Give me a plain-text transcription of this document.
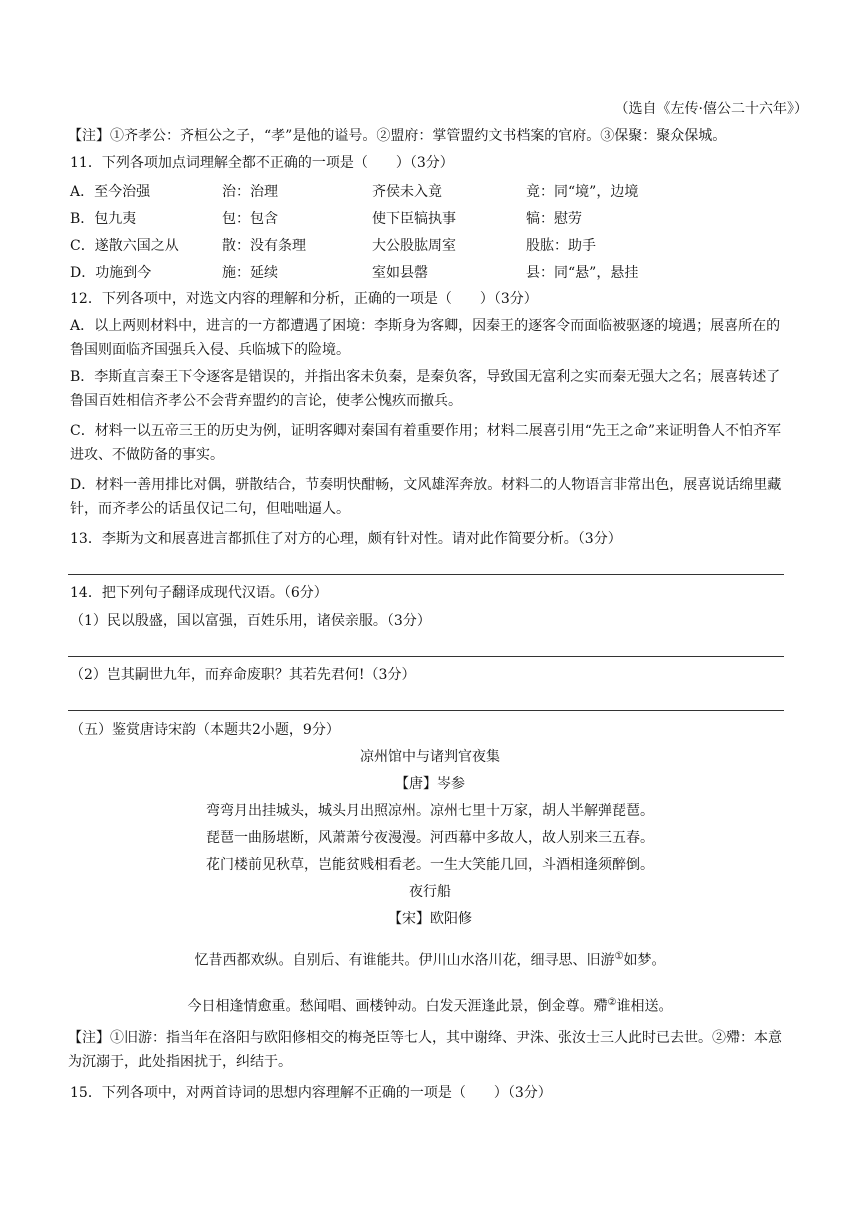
（选自《左传·僖公二十六年》）
【注】①齐孝公：齐桓公之子，“孝”是他的谥号。②盟府：掌管盟约文书档案的官府。③保聚：聚众保城。
11．下列各项加点词理解全都不正确的一项是（　　）（3分）
A．至今治强	治：治理	齐侯未入竟	竟：同“境”，边境
B．包九夷	包：包含	使下臣犒执事	犒：慰劳
C．遂散六国之从	散：没有条理	大公股肱周室	股肱：助手
D．功施到今	施：延续	室如县罄	县：同“悬”，悬挂
12．下列各项中，对选文内容的理解和分析，正确的一项是（　　）（3分）
A．以上两则材料中，进言的一方都遭遇了困境：李斯身为客卿，因秦王的逐客令而面临被驱逐的境遇；展喜所在的鲁国则面临齐国强兵入侵、兵临城下的险境。
B．李斯直言秦王下令逐客是错误的，并指出客未负秦，是秦负客，导致国无富利之实而秦无强大之名；展喜转述了鲁国百姓相信齐孝公不会背弃盟约的言论，使孝公愧疚而撤兵。
C．材料一以五帝三王的历史为例，证明客卿对秦国有着重要作用；材料二展喜引用“先王之命”来证明鲁人不怕齐军进攻、不做防备的事实。
D．材料一善用排比对偶，骈散结合，节奏明快酣畅，文风雄浑奔放。材料二的人物语言非常出色，展喜说话绵里藏针，而齐孝公的话虽仅记二句，但咄咄逼人。
13．李斯为文和展喜进言都抓住了对方的心理，颇有针对性。请对此作简要分析。（3分）
14．把下列句子翻译成现代汉语。（6分）
（1）民以殷盛，国以富强，百姓乐用，诸侯亲服。（3分）
（2）岂其嗣世九年，而弃命废职？其若先君何!（3分）
（五）鉴赏唐诗宋韵（本题共2小题，9分）
凉州馆中与诸判官夜集
【唐】岑参
弯弯月出挂城头，城头月出照凉州。凉州七里十万家，胡人半解弹琵琶。
琵琶一曲肠堪断，风萧萧兮夜漫漫。河西幕中多故人，故人别来三五春。
花门楼前见秋草，岂能贫贱相看老。一生大笑能几回，斗酒相逢须醉倒。
夜行船
【宋】欧阳修
忆昔西都欢纵。自别后、有谁能共。伊川山水洛川花，细寻思、旧游①如梦。
今日相逢情愈重。愁闻唱、画楼钟动。白发天涯逢此景，倒金尊。殢②谁相送。
【注】①旧游：指当年在洛阳与欧阳修相交的梅尧臣等七人，其中谢绛、尹洙、张汝士三人此时已去世。②殢：本意为沉溺于，此处指困扰于，纠结于。
15．下列各项中，对两首诗词的思想内容理解不正确的一项是（　　）（3分）
